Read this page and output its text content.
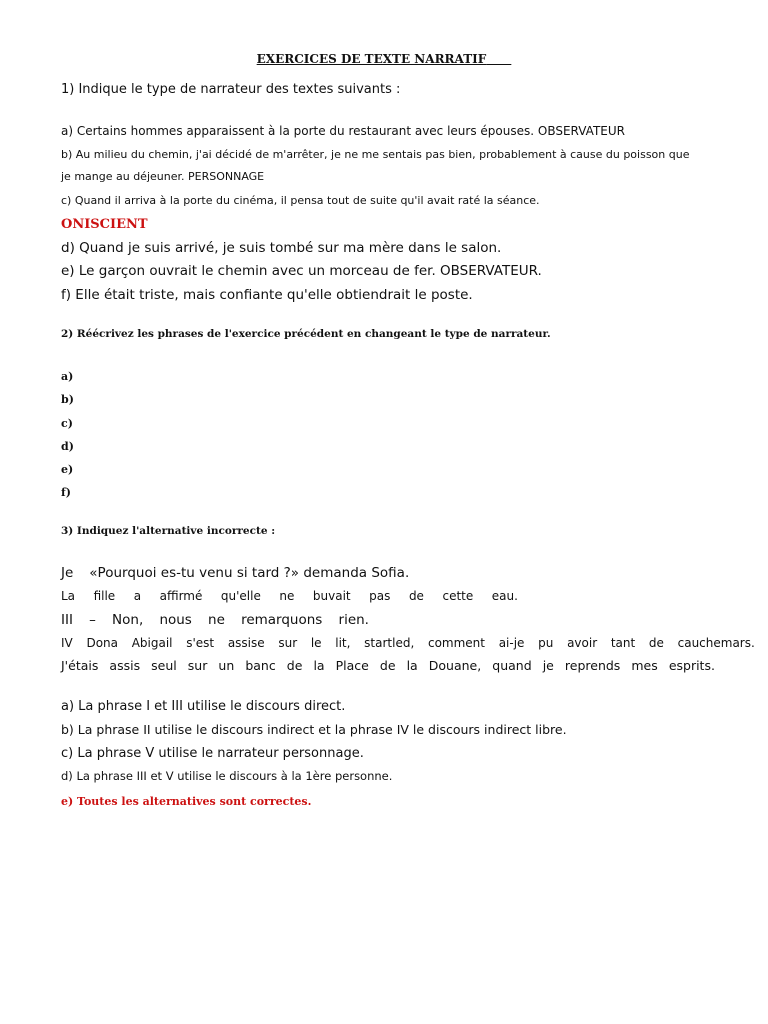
EXERCICES DE TEXTE NARRATIF
1) Indique le type de narrateur des textes suivants :
a) Certains hommes apparaissent à la porte du restaurant avec leurs épouses. OBSERVATEUR
b) Au milieu du chemin, j'ai décidé de m'arrêter, je ne me sentais pas bien, probablement à cause du poisson que
je mange au déjeuner. PERSONNAGE
c) Quand il arriva à la porte du cinéma, il pensa tout de suite qu'il avait raté la séance.
ONISCIENT
d) Quand je suis arrivé, je suis tombé sur ma mère dans le salon.
e) Le garçon ouvrait le chemin avec un morceau de fer. OBSERVATEUR.
f) Elle était triste, mais confiante qu'elle obtiendrait le poste.
2) Réécrivez les phrases de l'exercice précédent en changeant le type de narrateur.
a)
b)
c)
d)
e)
f)
3) Indiquez l'alternative incorrecte :
Je «Pourquoi es-tu venu si tard ?» demanda Sofia.
La fille a affirmé qu'elle ne buvait pas de cette eau.
III – Non, nous ne remarquons rien.
IV Dona Abigail s'est assise sur le lit, startled, comment ai-je pu avoir tant de cauchemars.
J'étais assis seul sur un banc de la Place de la Douane, quand je reprends mes esprits.
a) La phrase I et III utilise le discours direct.
b) La phrase II utilise le discours indirect et la phrase IV le discours indirect libre.
c) La phrase V utilise le narrateur personnage.
d) La phrase III et V utilise le discours à la 1ère personne.
e) Toutes les alternatives sont correctes.
